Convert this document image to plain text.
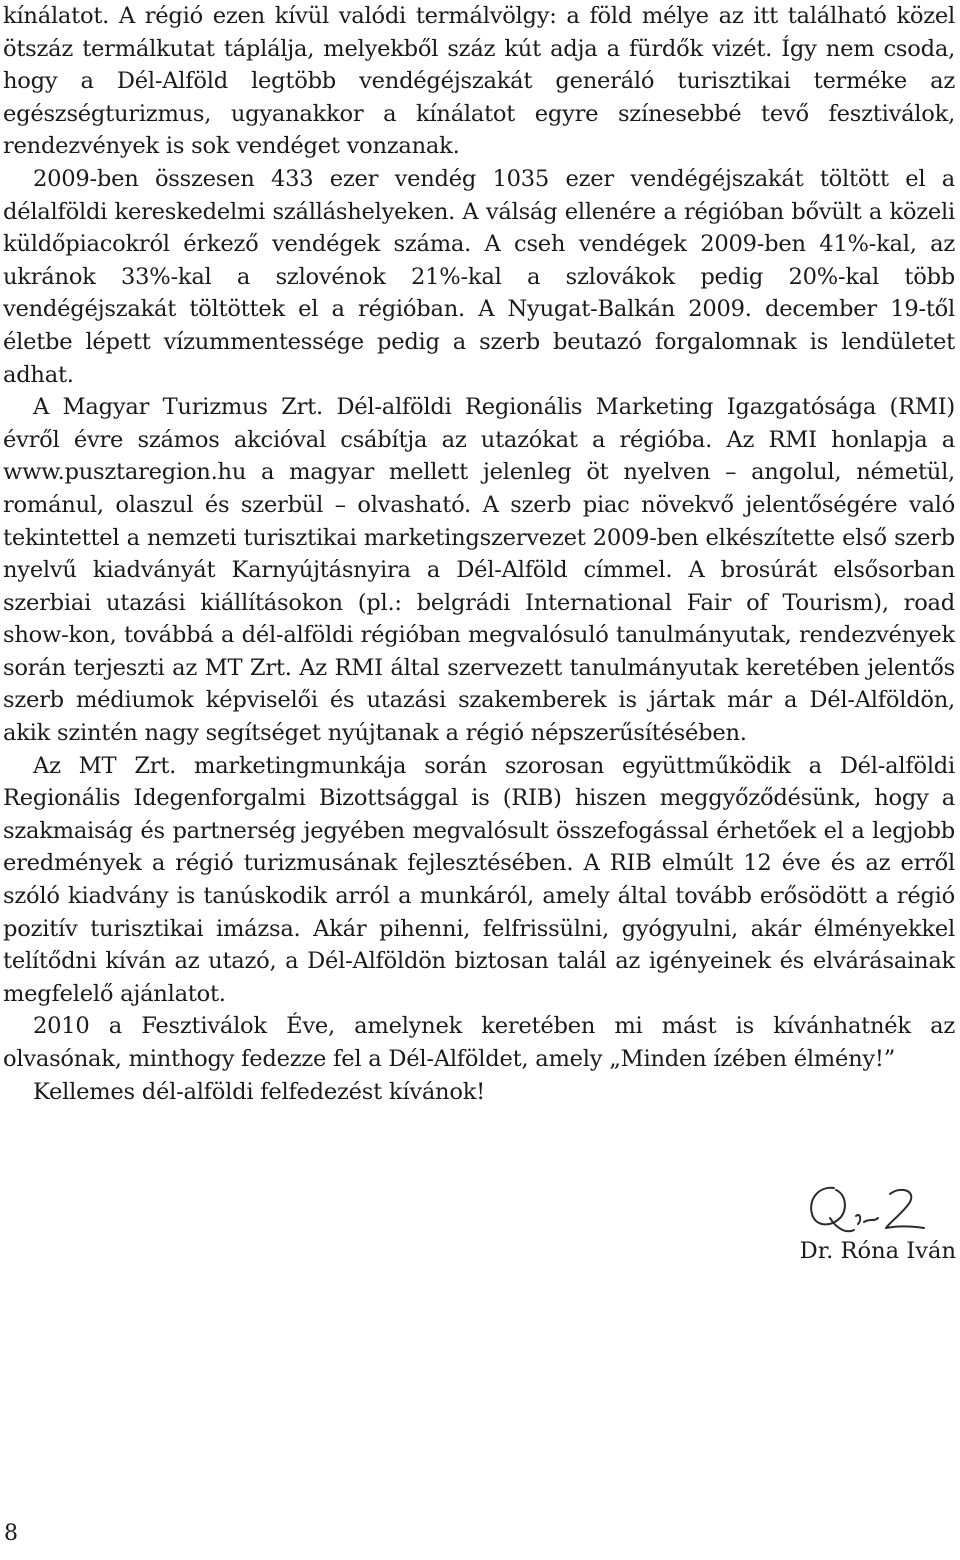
kínálatot. A régió ezen kívül valódi termálvölgy: a föld mélye az itt található közel ötszáz termálkutat táplálja, melyekből száz kút adja a fürdők vizét. Így nem csoda, hogy a Dél-Alföld legtöbb vendégéjszakát generáló turisztikai terméke az egészségturizmus, ugyanakkor a kínálatot egyre színesebbé tevő fesztiválok, rendezvények is sok vendéget vonzanak.

2009-ben összesen 433 ezer vendég 1035 ezer vendégéjszakát töltött el a délalföldi kereskedelmi szálláshelyeken. A válság ellenére a régióban bővült a közeli küldőpiacokról érkező vendégek száma. A cseh vendégek 2009-ben 41%-kal, az ukránok 33%-kal a szlovénok 21%-kal a szlovákok pedig 20%-kal több vendégéjszakát töltöttek el a régióban. A Nyugat-Balkán 2009. december 19-től életbe lépett vízummentessége pedig a szerb beutazó forgalomnak is lendületet adhat.

A Magyar Turizmus Zrt. Dél-alföldi Regionális Marketing Igazgatósága (RMI) évről évre számos akcióval csábítja az utazókat a régióba. Az RMI honlapja a www.pusztaregion.hu a magyar mellett jelenleg öt nyelven – angolul, németül, románul, olaszul és szerbül – olvasható. A szerb piac növekvő jelentőségére való tekintettel a nemzeti turisztikai marketingszervezet 2009-ben elkészítette első szerb nyelvű kiadványát Karnyújtásnyira a Dél-Alföld címmel. A brosúrát elsősorban szerbiai utazási kiállításokon (pl.: belgrádi International Fair of Tourism), road show-kon, továbbá a dél-alföldi régióban megvalósuló tanulmányutak, rendezvények során terjeszti az MT Zrt. Az RMI által szervezett tanulmányutak keretében jelentős szerb médiumok képviselői és utazási szakemberek is jártak már a Dél-Alföldön, akik szintén nagy segítséget nyújtanak a régió népszerűsítésében.

Az MT Zrt. marketingmunkája során szorosan együttműködik a Dél-alföldi Regionális Idegenforgalmi Bizottsággal is (RIB) hiszen meggyőződésünk, hogy a szakmaiság és partnerség jegyében megvalósult összefogással érhetőek el a legjobb eredmények a régió turizmusának fejlesztésében. A RIB elmúlt 12 éve és az erről szóló kiadvány is tanúskodik arról a munkáról, amely által tovább erősödött a régió pozitív turisztikai imázsa. Akár pihenni, felfrissülni, gyógyulni, akár élményekkel telítődni kíván az utazó, a Dél-Alföldön biztosan talál az igényeinek és elvárásainak megfelelő ajánlatot.

2010 a Fesztiválok Éve, amelynek keretében mi mást is kívánhatnék az olvasónak, minthogy fedezze fel a Dél-Alföldet, amely „Minden ízében élmény!”

Kellemes dél-alföldi felfedezést kívánok!

Dr. Róna Iván
8
